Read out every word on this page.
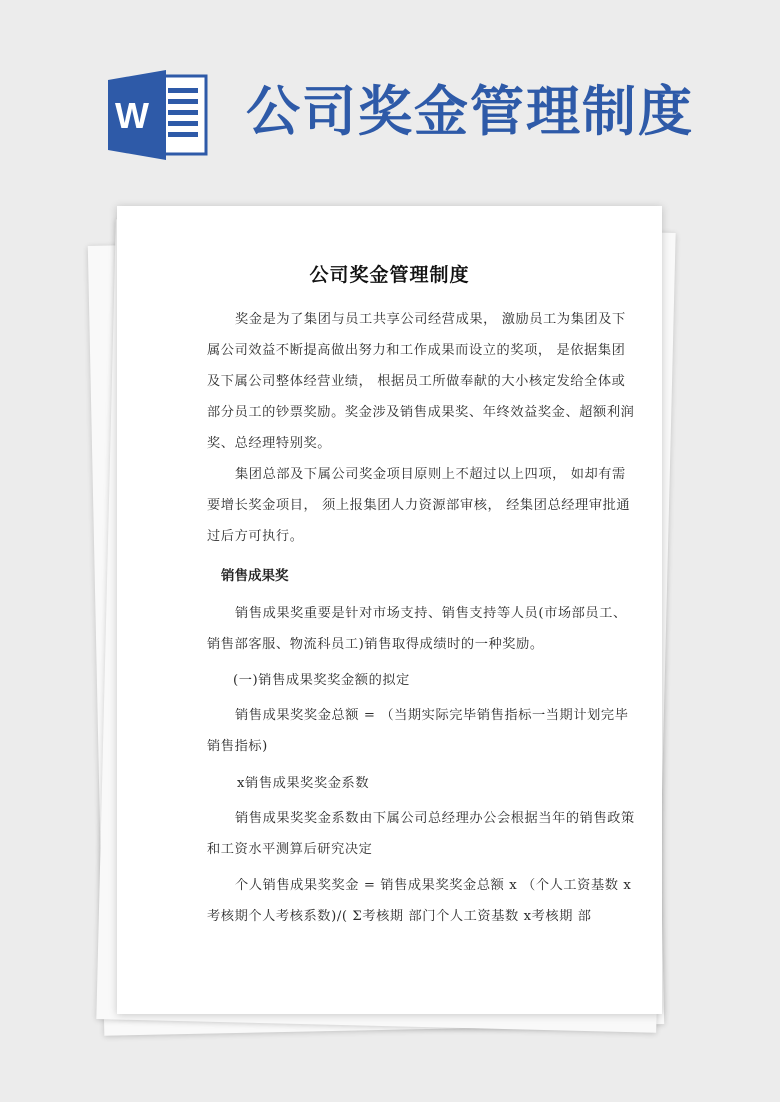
W 公司奖金管理制度
公司奖金管理制度

奖金是为了集团与员工共享公司经营成果， 激励员工为集团及下属公司效益不断提高做出努力和工作成果而设立的奖项， 是依据集团及下属公司整体经营业绩， 根据员工所做奉献的大小核定发给全体或部分员工的钞票奖励。奖金涉及销售成果奖、年终效益奖金、超额利润奖、总经理特别奖。

集团总部及下属公司奖金项目原则上不超过以上四项， 如却有需要增长奖金项目， 须上报集团人力资源部审核， 经集团总经理审批通过后方可执行。

销售成果奖

销售成果奖重要是针对市场支持、销售支持等人员(市场部员工、销售部客服、物流科员工)销售取得成绩时的一种奖励。

(一)销售成果奖奖金额的拟定

销售成果奖奖金总额 = （当期实际完毕销售指标一当期计划完毕销售指标)

x销售成果奖奖金系数

销售成果奖奖金系数由下属公司总经理办公会根据当年的销售政策和工资水平测算后研究决定

个人销售成果奖奖金 = 销售成果奖奖金总额 x （个人工资基数 x考核期个人考核系数)/( Σ考核期 部门个人工资基数 x考核期 部
